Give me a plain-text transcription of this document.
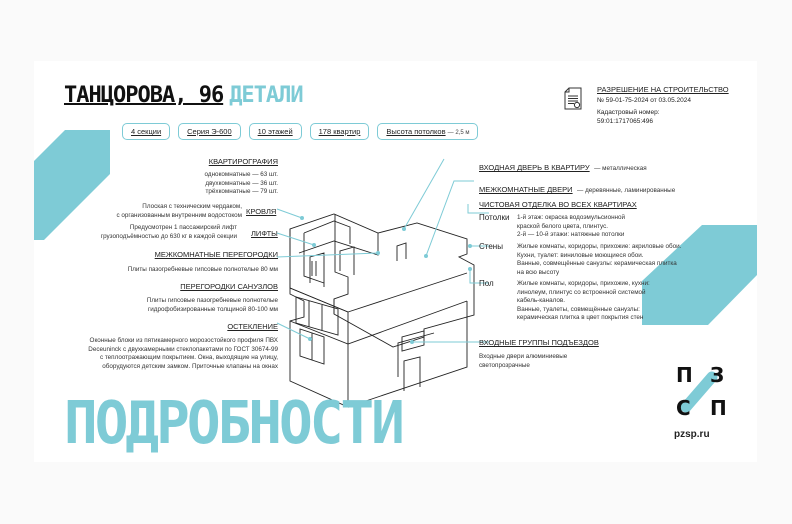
ТАНЦОРОВА, 96 ДЕТАЛИ
4 секции	Серия Э-600	10 этажей	178 квартир	Высота потолков — 2,5 м
РАЗРЕШЕНИЕ НА СТРОИТЕЛЬСТВО
№ 59-01-75-2024 от 03.05.2024
Кадастровый номер:
59:01:1717065:496
КВАРТИРОГРАФИЯ
однокомнатные — 63 шт.
двухкомнатные — 36 шт.
трёхкомнатные — 79 шт.
КРОВЛЯ
Плоская с техническим чердаком,
с организованным внутренним водостоком
ЛИФТЫ
Предусмотрен 1 пассажирский лифт
грузоподъёмностью до 630 кг в каждой секции
МЕЖКОМНАТНЫЕ ПЕРЕГОРОДКИ
Плиты пазогребневые гипсовые полнотелые 80 мм
ПЕРЕГОРОДКИ САНУЗЛОВ
Плиты гипсовые пазогребневые полнотелые
гидрофобизированные толщиной 80-100 мм
ОСТЕКЛЕНИЕ
Оконные блоки из пятикамерного морозостойкого профиля ПВХ
Deceuninck с двухкамерными стеклопакетами по ГОСТ 30674-99
с теплоотражающим покрытием. Окна, выходящие на улицу,
оборудуются детским замком. Приточные клапаны на окнах
ВХОДНАЯ ДВЕРЬ В КВАРТИРУ — металлическая
МЕЖКОМНАТНЫЕ ДВЕРИ — деревянные, ламинированные
ЧИСТОВАЯ ОТДЕЛКА ВО ВСЕХ КВАРТИРАХ
Потолки	1-й этаж: окраска водоэмульсионной
краской белого цвета, плинтус.
2-й — 10-й этажи: натяжные потолки
Стены	Жилые комнаты, коридоры, прихожие: акриловые обои.
Кухни, туалет: виниловые моющиеся обои.
Ванные, совмещённые санузлы: керамическая плитка
на всю высоту
Пол	Жилые комнаты, коридоры, прихожие, кухни:
линолеум, плинтус со встроенной системой
кабель-каналов.
Ванные, туалеты, совмещённые санузлы:
керамическая плитка в цвет покрытия стен
ВХОДНЫЕ ГРУППЫ ПОДЪЕЗДОВ
Входные двери алюминиевые
светопрозрачные
ПОДРОБНОСТИ
П З
С П
pzsp.ru
